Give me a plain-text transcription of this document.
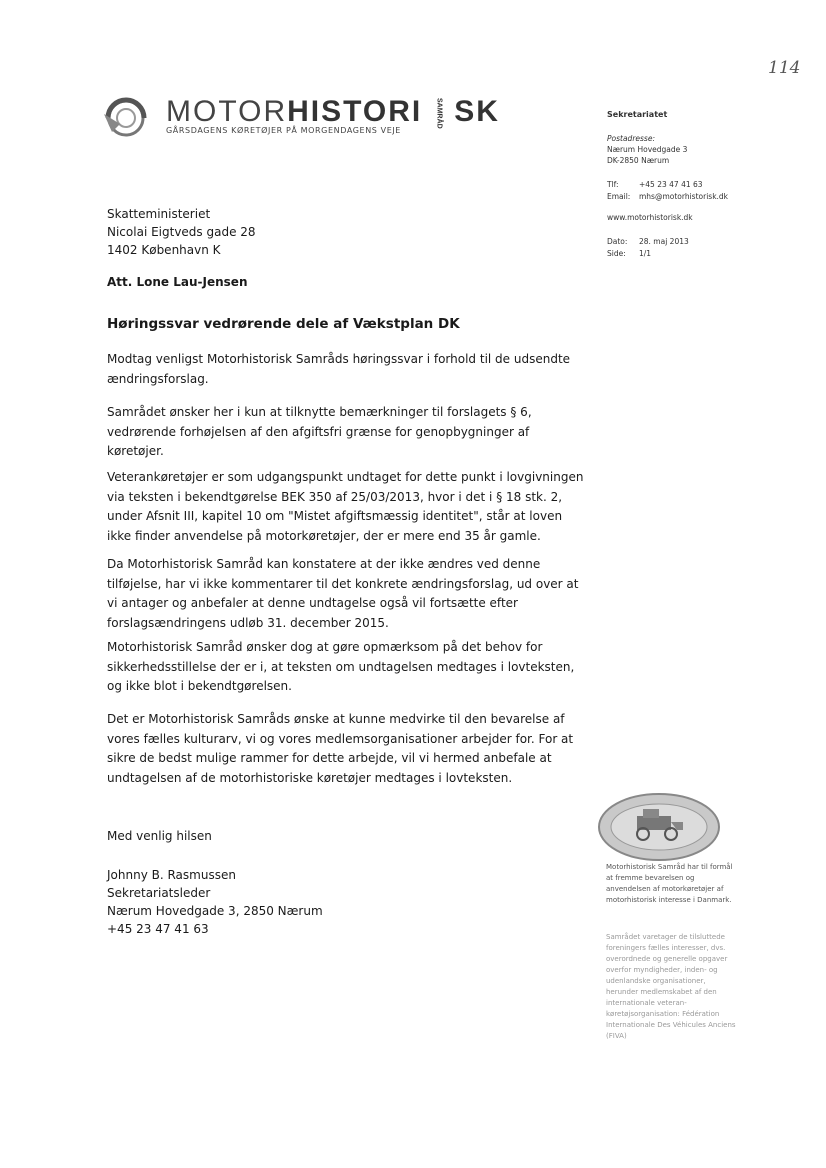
114
MOTORHISTORI SAMRÅD SK
GÅRSDAGENS KØRETØJER PÅ MORGENDAGENS VEJE
Sekretariatet
Postadresse:
Nærum Hovedgade 3
DK-2850 Nærum
Tlf:	+45 23 47 41 63
Email: mhs@motorhistorisk.dk
www.motorhistorisk.dk
Dato: 28. maj 2013
Side: 1/1
Skatteministeriet
Nicolai Eigtveds gade 28
1402 København K
Att. Lone Lau-Jensen
Høringssvar vedrørende dele af Vækstplan DK
Modtag venligst Motorhistorisk Samråds høringssvar i forhold til de udsendte
ændringsforslag.
Samrådet ønsker her i kun at tilknytte bemærkninger til forslagets § 6,
vedrørende forhøjelsen af den afgiftsfri grænse for genopbygninger af
køretøjer.
Veterankøretøjer er som udgangspunkt undtaget for dette punkt i lovgivningen
via teksten i bekendtgørelse BEK 350 af 25/03/2013, hvor i det i § 18 stk. 2,
under Afsnit III, kapitel 10 om "Mistet afgiftsmæssig identitet", står at loven
ikke finder anvendelse på motorkøretøjer, der er mere end 35 år gamle.
Da Motorhistorisk Samråd kan konstatere at der ikke ændres ved denne
tilføjelse, har vi ikke kommentarer til det konkrete ændringsforslag, ud over at
vi antager og anbefaler at denne undtagelse også vil fortsætte efter
forslagsændringens udløb 31. december 2015.
Motorhistorisk Samråd ønsker dog at gøre opmærksom på det behov for
sikkerhedsstillelse der er i, at teksten om undtagelsen medtages i lovteksten,
og ikke blot i bekendtgørelsen.
Det er Motorhistorisk Samråds ønske at kunne medvirke til den bevarelse af
vores fælles kulturarv, vi og vores medlemsorganisationer arbejder for. For at
sikre de bedst mulige rammer for dette arbejde, vil vi hermed anbefale at
undtagelsen af de motorhistoriske køretøjer medtages i lovteksten.
Med venlig hilsen
Johnny B. Rasmussen
Sekretariatsleder
Nærum Hovedgade 3, 2850 Nærum
+45 23 47 41 63
Motorhistorisk Samråd har til formål at fremme bevarelsen og anvendelsen af motorkøretøjer af motorhistorisk interesse i Danmark.
Samrådet varetager de tilsluttede foreningers fælles interesser, dvs. overordnede og generelle opgaver overfor myndigheder, inden- og udenlandske organisationer, herunder medlemskabet af den internationale veteran-køretøjsorganisation: Fédération Internationale Des Véhicules Anciens (FIVA)
